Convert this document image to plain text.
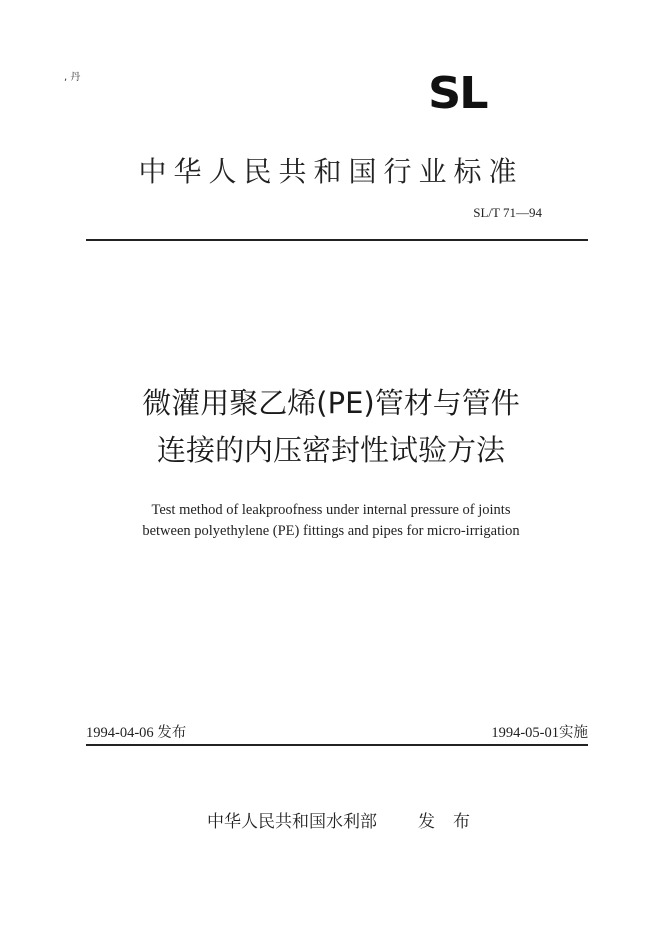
, 丹	SL
中华人民共和国行业标准
SL/T 71—94
微灌用聚乙烯(PE)管材与管件
连接的内压密封性试验方法
Test method of leakproofness under internal pressure of joints
between polyethylene (PE) fittings and pipes for micro-irrigation
1994-04-06 发布	1994-05-01实施
中华人民共和国水利部 发布
